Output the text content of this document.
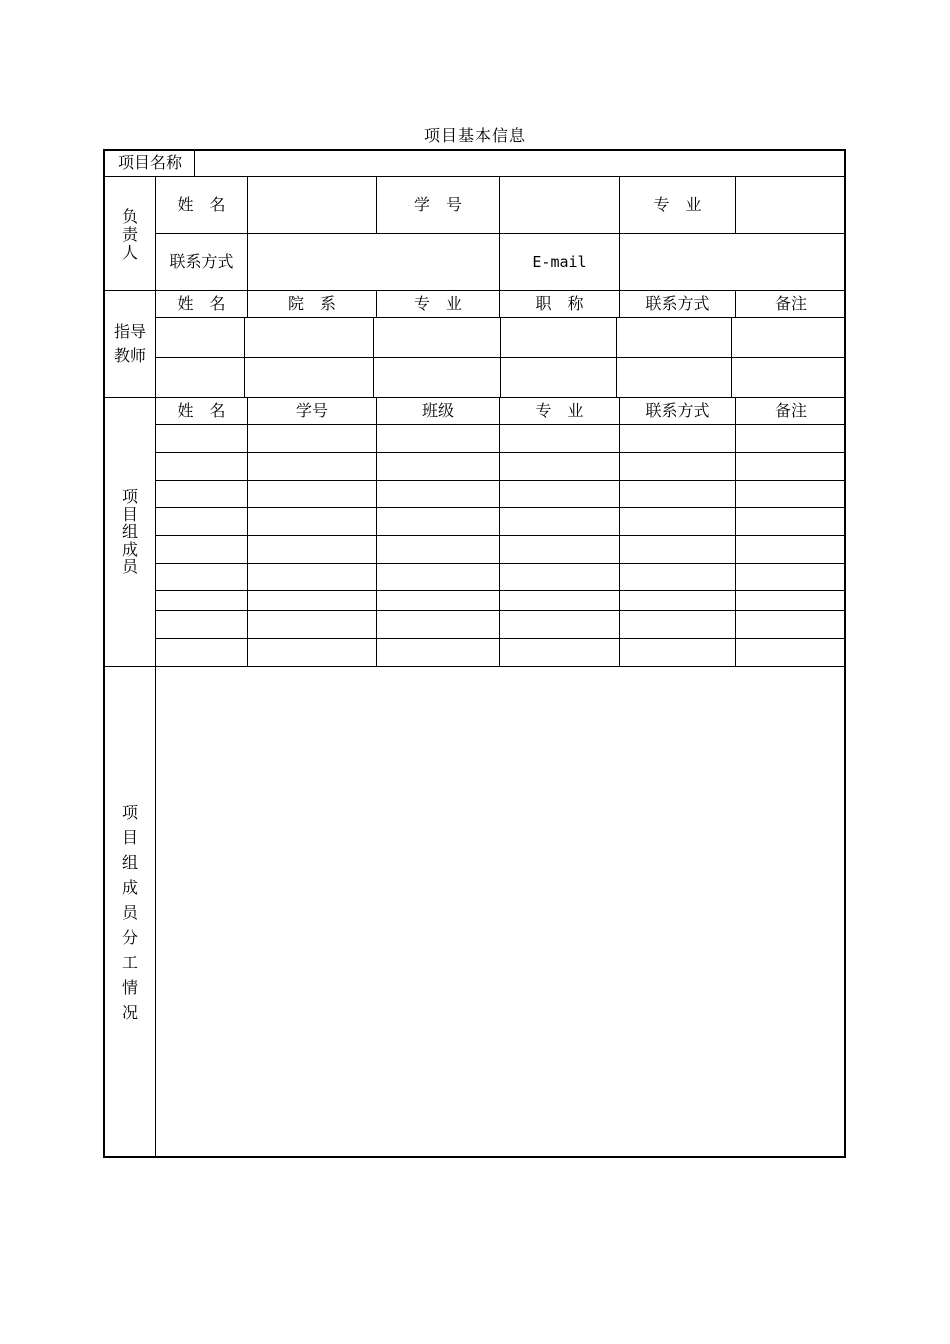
项目基本信息
项目名称
负
责
人
姓　名	学　号	专　业
联系方式	E-mail
指导
教师
姓　名	院　系	专　业	职　称	联系方式	备注
项
目
组
成
员
姓　名	学号	班级	专　业	联系方式	备注
项
目
组
成
员
分
工
情
况
